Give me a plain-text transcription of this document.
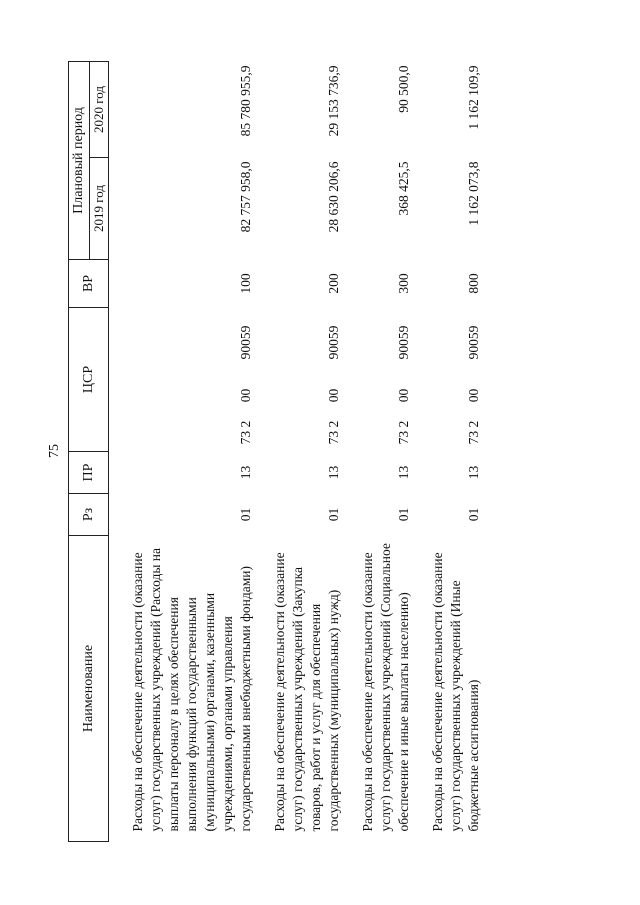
75
Наименование	Рз	ПР	ЦСР			ВР	Плановый период	
							2019 год	2020 год

Расходы на обеспечение деятельности (оказание услуг) государственных учреждений (Расходы на выплаты персоналу в целях обеспечения выполнения функций государственными (муниципальными) органами, казенными учреждениями, органами управления государственными внебюджетными фондами)	01	13	73 2	00	90059	100	82 757 958,0	85 780 955,9
Расходы на обеспечение деятельности (оказание услуг) государственных учреждений (Закупка товаров, работ и услуг для обеспечения государственных (муниципальных) нужд)	01	13	73 2	00	90059	200	28 630 206,6	29 153 736,9
Расходы на обеспечение деятельности (оказание услуг) государственных учреждений (Социальное обеспечение и иные выплаты населению)	01	13	73 2	00	90059	300	368 425,5	90 500,0
Расходы на обеспечение деятельности (оказание услуг) государственных учреждений (Иные бюджетные ассигнования)	01	13	73 2	00	90059	800	1 162 073,8	1 162 109,9
